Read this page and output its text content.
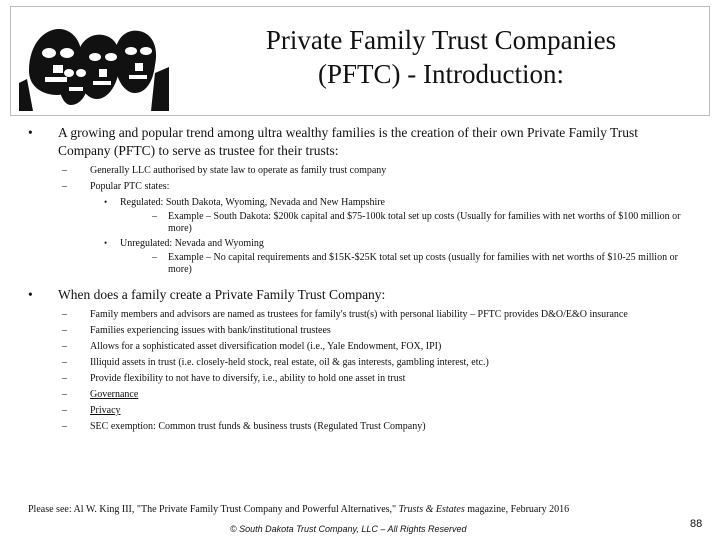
Private Family Trust Companies
(PFTC) - Introduction:
• A growing and popular trend among ultra wealthy families is the creation of their own Private Family Trust Company (PFTC) to serve as trustee for their trusts:
– Generally LLC authorised by state law to operate as family trust company
– Popular PTC states:
• Regulated: South Dakota, Wyoming, Nevada and New Hampshire
– Example – South Dakota: $200k capital and $75-100k total set up costs (Usually for families with net worths of $100 million or more)
• Unregulated: Nevada and Wyoming
– Example – No capital requirements and $15K-$25K total set up costs (usually for families with net worths of $10-25 million or more)
• When does a family create a Private Family Trust Company:
– Family members and advisors are named as trustees for family's trust(s) with personal liability – PFTC provides D&O/E&O insurance
– Families experiencing issues with bank/institutional trustees
– Allows for a sophisticated asset diversification model (i.e., Yale Endowment, FOX, IPI)
– Illiquid assets in trust (i.e. closely-held stock, real estate, oil & gas interests, gambling interest, etc.)
– Provide flexibility to not have to diversify, i.e., ability to hold one asset in trust
– Governance
– Privacy
– SEC exemption: Common trust funds & business trusts (Regulated Trust Company)
Please see: Al W. King III, "The Private Family Trust Company and Powerful Alternatives," Trusts & Estates magazine, February 2016
© South Dakota Trust Company, LLC – All Rights Reserved	88
